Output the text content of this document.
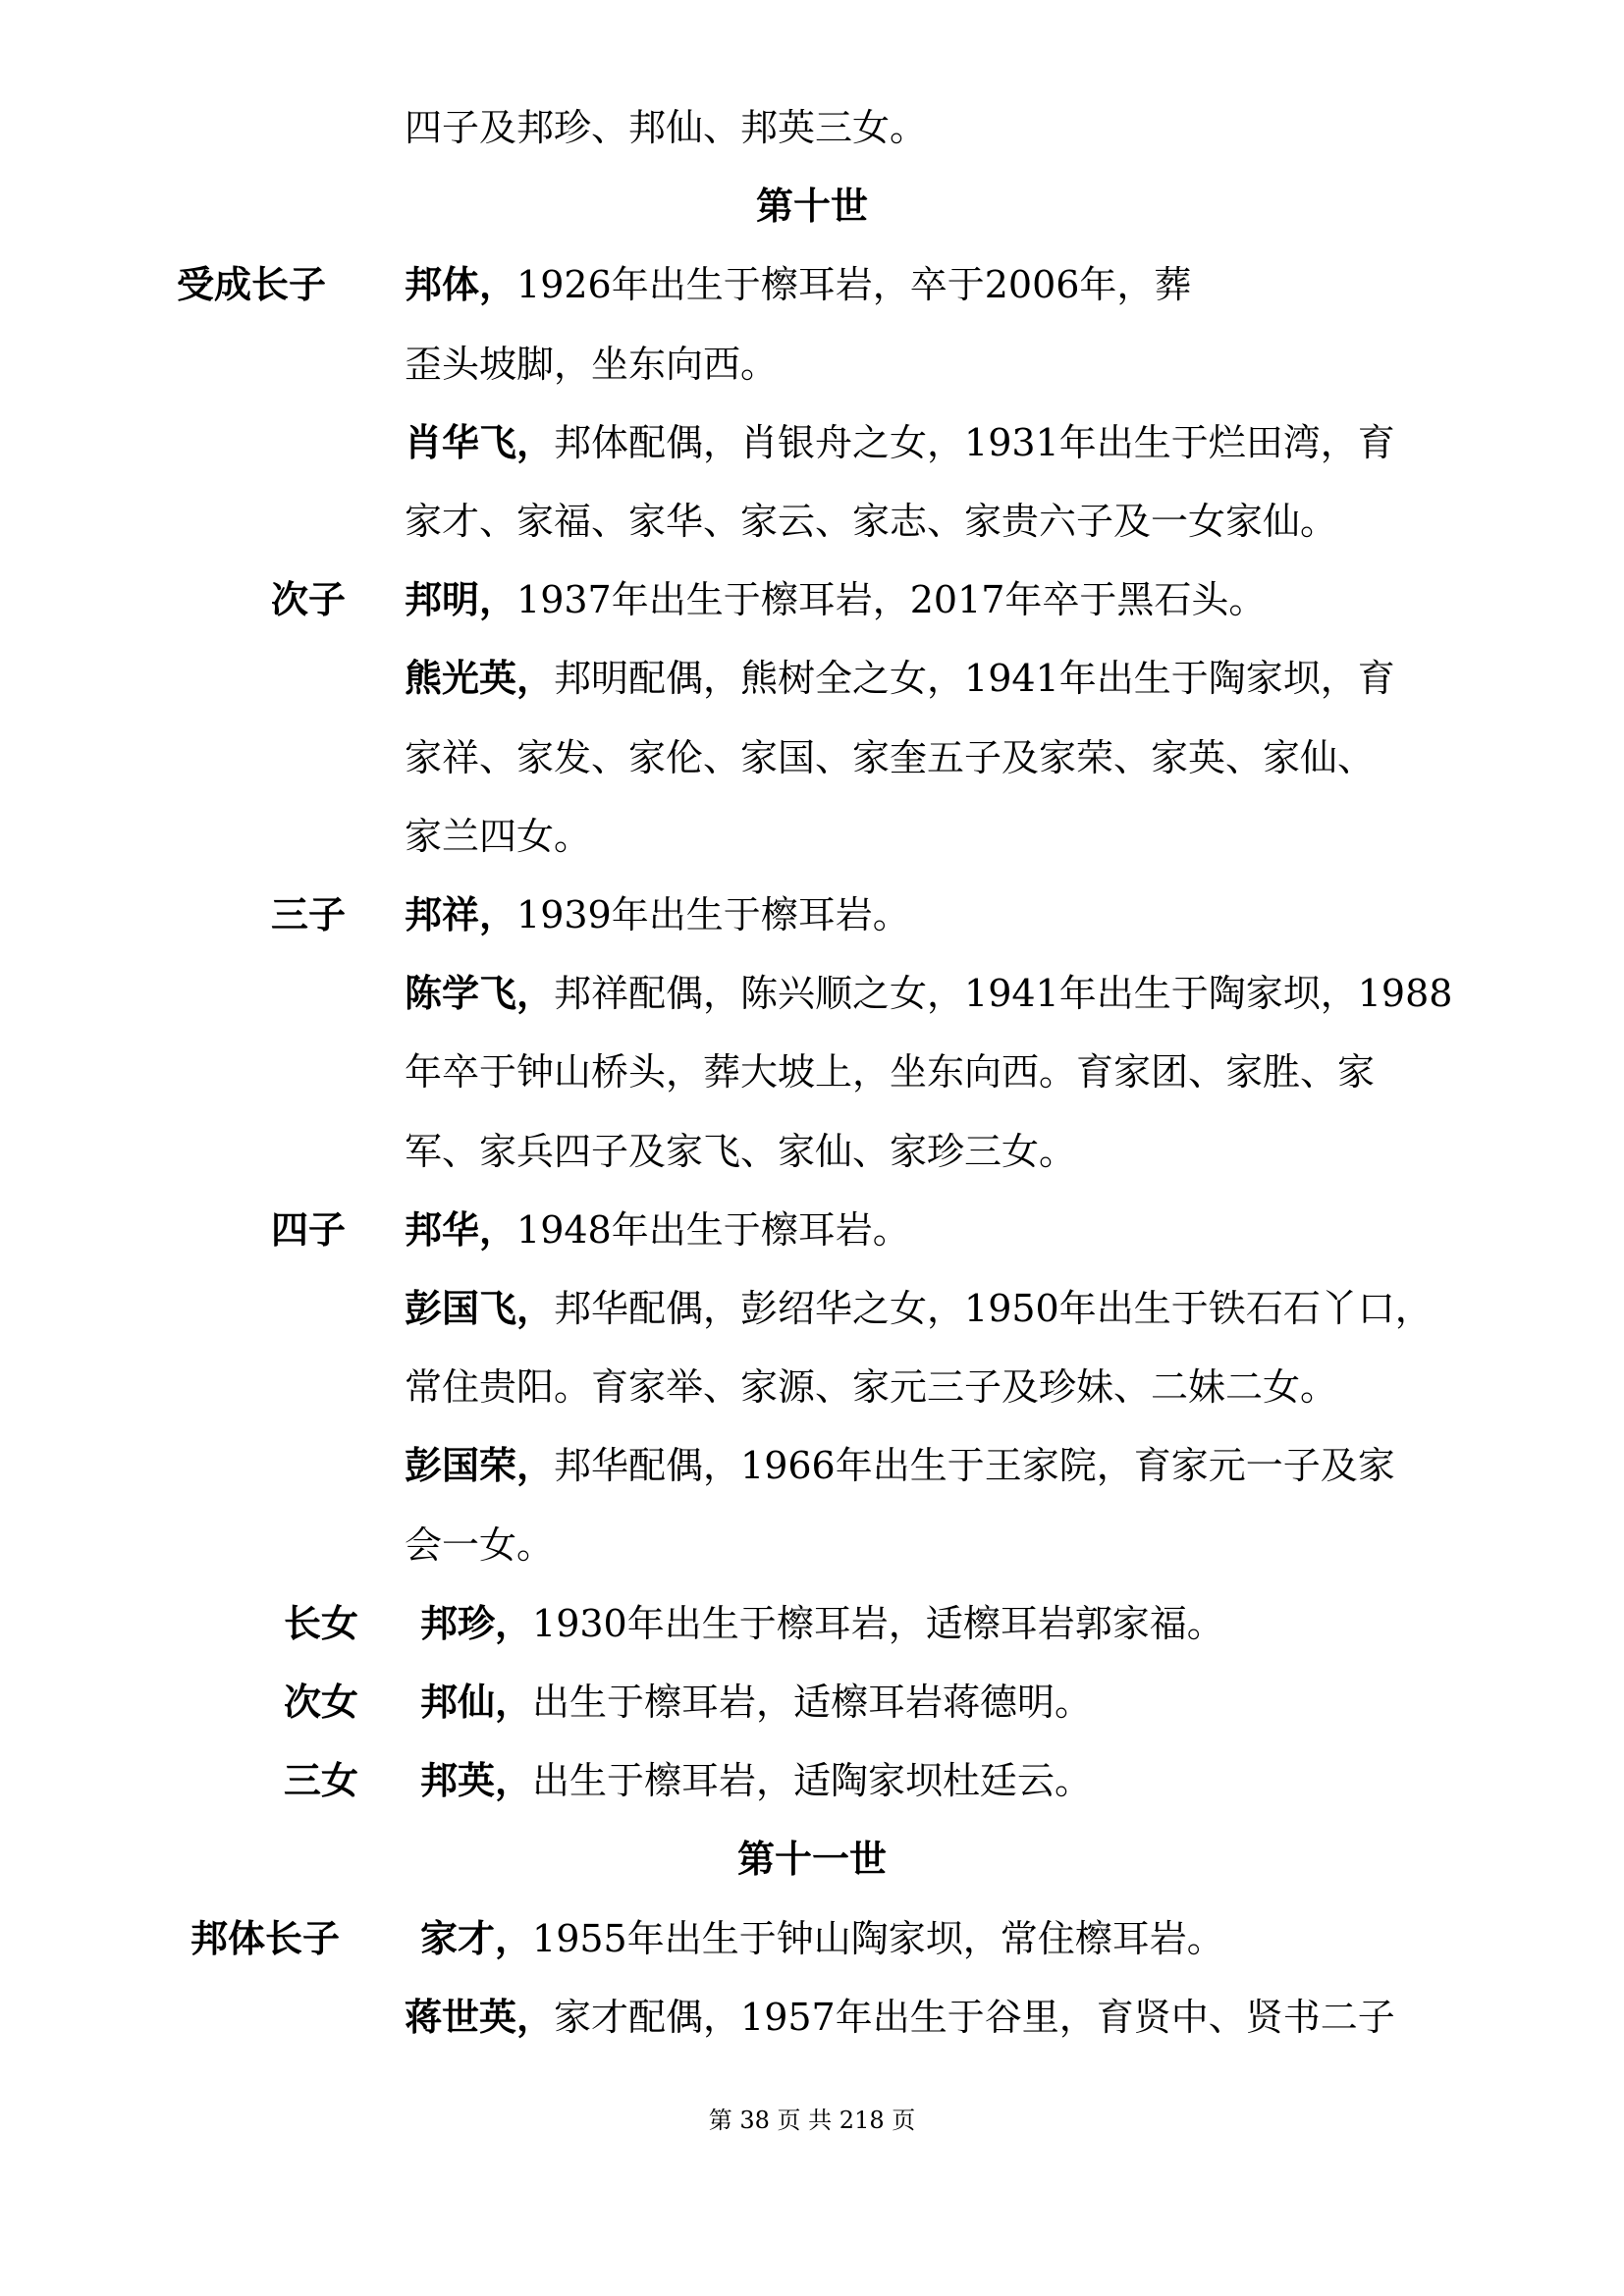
四子及邦珍、邦仙、邦英三女。
第十世
受成长子 邦体，1926年出生于檫耳岩，卒于2006年，葬
歪头坡脚，坐东向西。
肖华飞，邦体配偶，肖银舟之女，1931年出生于烂田湾，育
家才、家福、家华、家云、家志、家贵六子及一女家仙。
次子 邦明，1937年出生于檫耳岩，2017年卒于黑石头。
熊光英，邦明配偶，熊树全之女，1941年出生于陶家坝，育
家祥、家发、家伦、家国、家奎五子及家荣、家英、家仙、
家兰四女。
三子 邦祥，1939年出生于檫耳岩。
陈学飞，邦祥配偶，陈兴顺之女，1941年出生于陶家坝，1988
年卒于钟山桥头，葬大坡上，坐东向西。育家团、家胜、家
军、家兵四子及家飞、家仙、家珍三女。
四子 邦华，1948年出生于檫耳岩。
彭国飞，邦华配偶，彭绍华之女，1950年出生于铁石石丫口，
常住贵阳。育家举、家源、家元三子及珍妹、二妹二女。
彭国荣，邦华配偶，1966年出生于王家院，育家元一子及家
会一女。
长女 邦珍，1930年出生于檫耳岩，适檫耳岩郭家福。
次女 邦仙，出生于檫耳岩，适檫耳岩蒋德明。
三女 邦英，出生于檫耳岩，适陶家坝杜廷云。
第十一世
邦体长子 家才，1955年出生于钟山陶家坝，常住檫耳岩。
蒋世英，家才配偶，1957年出生于谷里，育贤中、贤书二子
第 38 页 共 218 页
